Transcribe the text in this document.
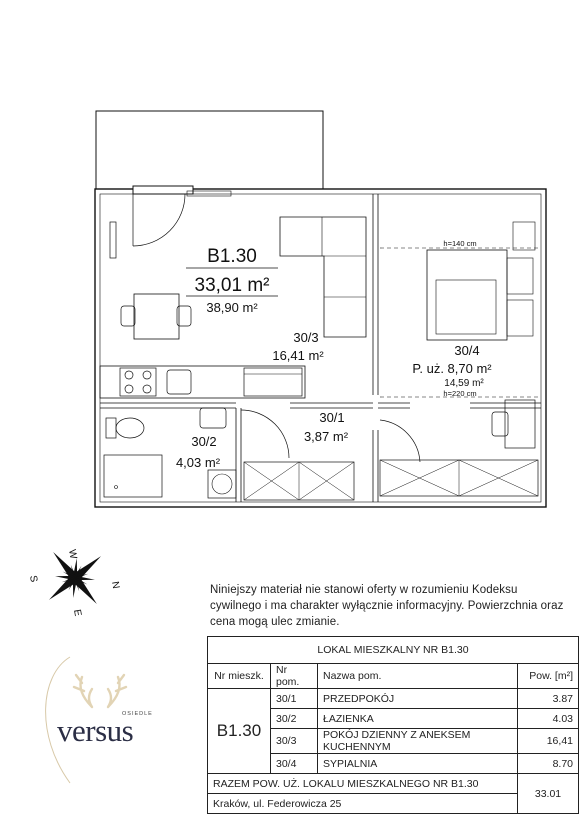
B1.30
33,01 m²
38,90 m²
30/3
16,41 m²
30/1
3,87 m²
30/2
4,03 m²
h=140 cm
30/4
P. uż. 8,70 m²
14,59 m²
h=220 cm
W
N
E
S
Niniejszy materiał nie stanowi oferty w rozumieniu Kodeksu cywilnego i ma charakter wyłącznie informacyjny. Powierzchnia oraz cena mogą ulec zmianie.
OSIEDLE
versus
LOKAL MIESZKALNY NR B1.30			
Nr mieszk.	Nr pom.	Nazwa pom.	Pow. [m²]
B1.30	30/1	PRZEDPOKÓJ	3.87
	30/2	ŁAZIENKA	4.03
	30/3	POKÓJ DZIENNY Z ANEKSEM KUCHENNYM	16,41
	30/4	SYPIALNIA	8.70
RAZEM POW. UŻ. LOKALU MIESZKALNEGO NR B1.30			33.01
Kraków, ul. Federowicza 25			
